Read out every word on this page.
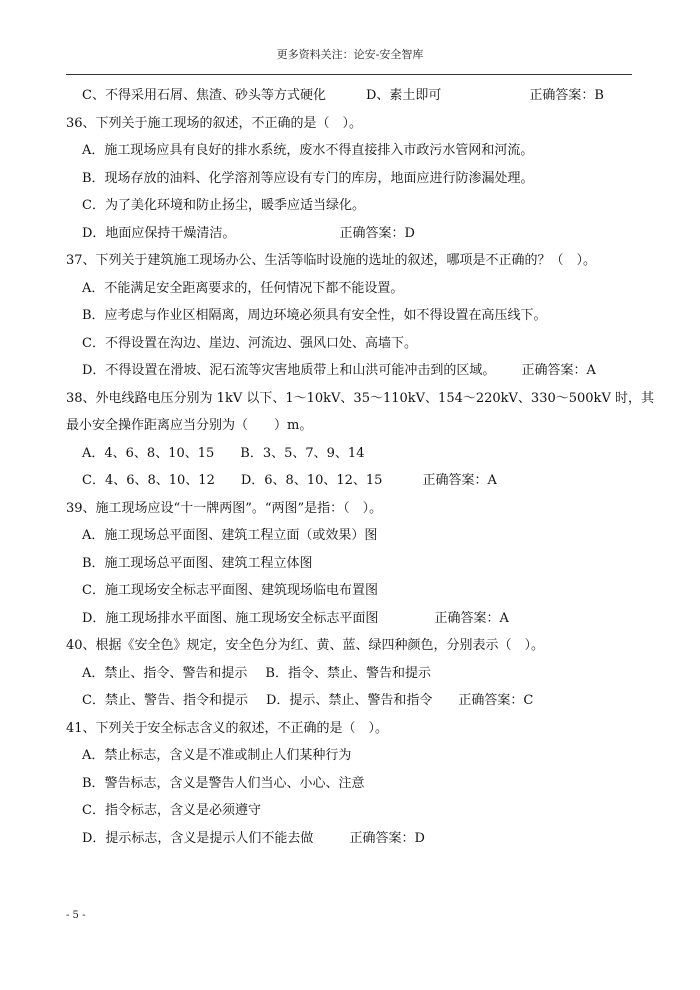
更多资料关注：论安-安全智库
C、不得采用石屑、焦渣、砂头等方式硬化	D、素土即可	正确答案：B
36、下列关于施工现场的叙述，不正确的是（　）。
A．施工现场应具有良好的排水系统，废水不得直接排入市政污水管网和河流。
B．现场存放的油料、化学溶剂等应设有专门的库房，地面应进行防渗漏处理。
C．为了美化环境和防止扬尘，暖季应适当绿化。
D．地面应保持干燥清洁。	正确答案：D
37、下列关于建筑施工现场办公、生活等临时设施的选址的叙述，哪项是不正确的？（　）。
A．不能满足安全距离要求的，任何情况下都不能设置。
B．应考虑与作业区相隔离，周边环境必须具有安全性，如不得设置在高压线下。
C．不得设置在沟边、崖边、河流边、强风口处、高墙下。
D．不得设置在滑坡、泥石流等灾害地质带上和山洪可能冲击到的区域。 正确答案：A
38、外电线路电压分别为 1kV 以下、1～10kV、35～110kV、154～220kV、330～500kV 时，其
最小安全操作距离应当分别为（　　）m。
A．4、6、8、10、15 B．3、5、7、9、14
C．4、6、8、10、12 D．6、8、10、12、15	正确答案：A
39、施工现场应设“十一牌两图”。“两图”是指：（　）。
A．施工现场总平面图、建筑工程立面（或效果）图
B．施工现场总平面图、建筑工程立体图
C．施工现场安全标志平面图、建筑现场临电布置图
D．施工现场排水平面图、施工现场安全标志平面图	正确答案：A
40、根据《安全色》规定，安全色分为红、黄、蓝、绿四种颜色，分别表示（　）。
A．禁止、指令、警告和提示 B．指令、禁止、警告和提示
C．禁止、警告、指令和提示 D．提示、禁止、警告和指令 正确答案：C
41、下列关于安全标志含义的叙述，不正确的是（　）。
A．禁止标志，含义是不准或制止人们某种行为
B．警告标志，含义是警告人们当心、小心、注意
C．指令标志，含义是必须遵守
D．提示标志，含义是提示人们不能去做	正确答案：D
- 5 -
